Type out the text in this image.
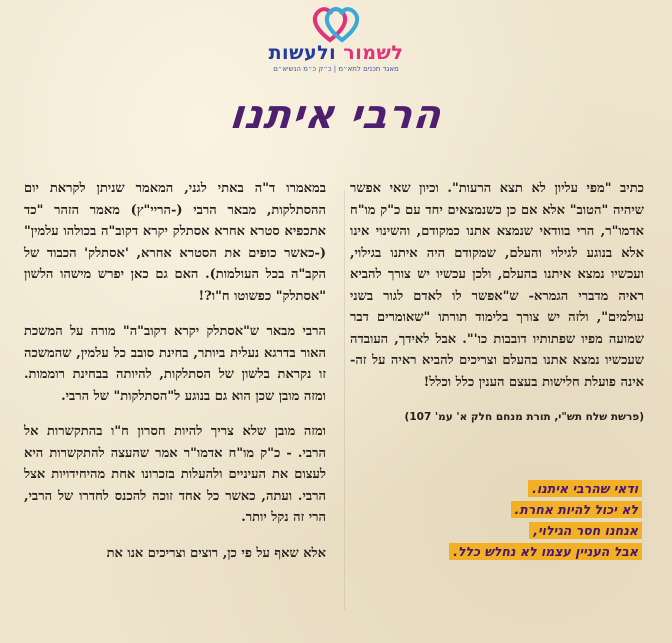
לשמור ולעשות
מאגד תכנים לתא״מ | כ״ק כ״מ הנשיא״ם
הרבי איתנו

כתיב "מפי עליון לא תצא הרעות". וכיון שאי אפשר שיהיה "הטוב" אלא אם כן כשנמצאים יחד עם כ"ק מו"ח אדמו"ר, הרי בוודאי שנמצא אתנו כמקודם, והשינוי אינו אלא בנוגע לגילוי והעלם, שמקודם היה איתנו בגילוי, ועכשיו נמצא איתנו בהעלם, ולכן עכשיו יש צורך להביא ראיה מדברי הגמרא- ש"אפשר לו לאדם לגור בשני עולמים", ולזה יש צורך בלימוד תורתו "שאומרים דבר שמועה מפיו שפתותיו דובבות כו'". אבל לאידך, העובדה שעכשיו נמצא אתנו בהעלם וצריכים להביא ראיה על זה- אינה פועלת חלישות בעצם הענין כלל וכלל!

(פרשת שלח תש"י, תורת מנחם חלק א' עמ' 107)
ודאי שהרבי איתנו.
לא יכול להיות אחרת.
אנחנו חסר הגילוי,
אבל העניין עצמו לא נחלש כלל.

במאמרו ד"ה באתי לגני, המאמר שניתן לקראת יום ההסתלקות, מבאר הרבי (-הריי"ץ) מאמר הזהר "כד אתכפיא סטרא אחרא אסתלק יקרא דקוב"ה בכולהו עלמין" (-כאשר כופים את הסטרא אחרא, 'אסתלק' הכבוד של הקב"ה בכל העולמות). האם גם כאן יפרש מישהו הלשון "אסתלק" כפשוטו ח"ו?!

הרבי מבאר ש"אסתלק יקרא דקוב"ה" מורה על המשכת האור בדרגא נעלית ביותר, בחינת סובב כל עלמין, שהמשכה זו נקראת בלשון של הסתלקות, להיותה בבחינת רוממות. ומזה מובן שכן הוא גם בנוגע ל"הסתלקות" של הרבי.

ומזה מובן שלא צריך להיות חסרון ח"ו בהתקשרות אל הרבי. - כ"ק מו"ח אדמו"ר אמר שהעצה להתקשרות היא לעצום את העיניים ולהעלות בזכרונו אחת מהיחידויות אצל הרבי. ועתה, כאשר כל אחד זוכה להכנס לחדרו של הרבי, הרי זה נקל יותר.

אלא שאף על פי כן, רוצים וצריכים אנו את
